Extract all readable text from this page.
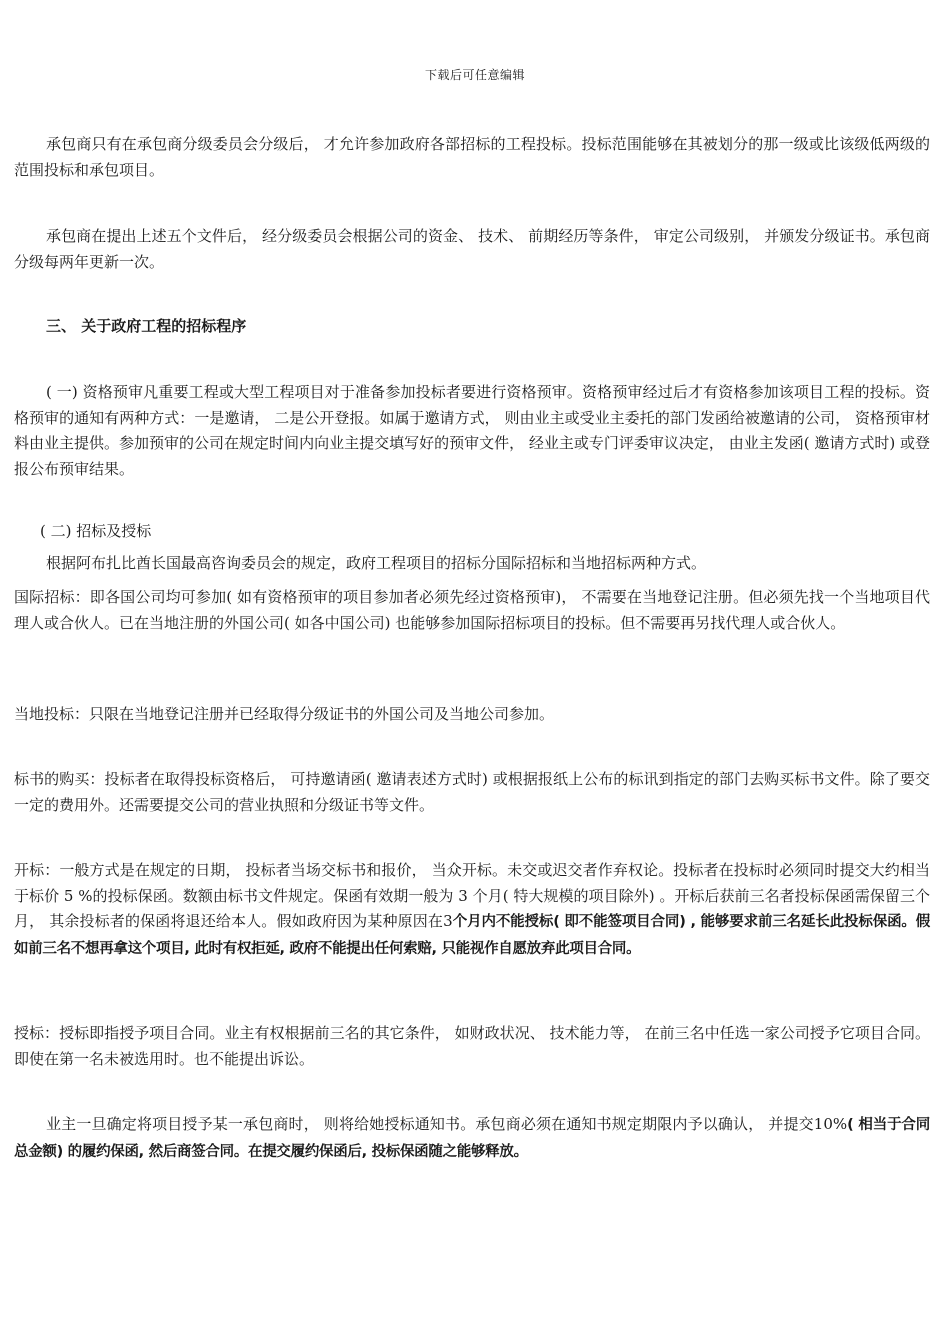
下载后可任意编辑

承包商只有在承包商分级委员会分级后， 才允许参加政府各部招标的工程投标。投标范围能够在其被划分的那一级或比该级低两级的范围投标和承包项目。

承包商在提出上述五个文件后， 经分级委员会根据公司的资金、 技术、 前期经历等条件， 审定公司级别， 并颁发分级证书。承包商分级每两年更新一次。

三、 关于政府工程的招标程序

( 一) 资格预审凡重要工程或大型工程项目对于准备参加投标者要进行资格预审。资格预审经过后才有资格参加该项目工程的投标。资格预审的通知有两种方式：一是邀请， 二是公开登报。如属于邀请方式， 则由业主或受业主委托的部门发函给被邀请的公司， 资格预审材料由业主提供。参加预审的公司在规定时间内向业主提交填写好的预审文件， 经业主或专门评委审议决定， 由业主发函( 邀请方式时) 或登报公布预审结果。

( 二) 招标及授标

根据阿布扎比酋长国最高咨询委员会的规定，政府工程项目的招标分国际招标和当地招标两种方式。

国际招标：即各国公司均可参加( 如有资格预审的项目参加者必须先经过资格预审)， 不需要在当地登记注册。但必须先找一个当地项目代理人或合伙人。已在当地注册的外国公司( 如各中国公司) 也能够参加国际招标项目的投标。但不需要再另找代理人或合伙人。

当地投标：只限在当地登记注册并已经取得分级证书的外国公司及当地公司参加。

标书的购买：投标者在取得投标资格后， 可持邀请函( 邀请表述方式时) 或根据报纸上公布的标讯到指定的部门去购买标书文件。除了要交一定的费用外。还需要提交公司的营业执照和分级证书等文件。

开标：一般方式是在规定的日期， 投标者当场交标书和报价， 当众开标。未交或迟交者作弃权论。投标者在投标时必须同时提交大约相当于标价 5 %的投标保函。数额由标书文件规定。保函有效期一般为 3 个月( 特大规模的项目除外) 。开标后获前三名者投标保函需保留三个月， 其余投标者的保函将退还给本人。假如政府因为某种原因在3个月内不能授标( 即不能签项目合同) , 能够要求前三名延长此投标保函。假如前三名不想再拿这个项目, 此时有权拒延, 政府不能提出任何索赔, 只能视作自愿放弃此项目合同。

授标：授标即指授予项目合同。业主有权根据前三名的其它条件， 如财政状况、 技术能力等， 在前三名中任选一家公司授予它项目合同。即使在第一名未被选用时。也不能提出诉讼。

业主一旦确定将项目授予某一承包商时， 则将给她授标通知书。承包商必须在通知书规定期限内予以确认， 并提交10%( 相当于合同总金额) 的履约保函, 然后商签合同。在提交履约保函后, 投标保函随之能够释放。
